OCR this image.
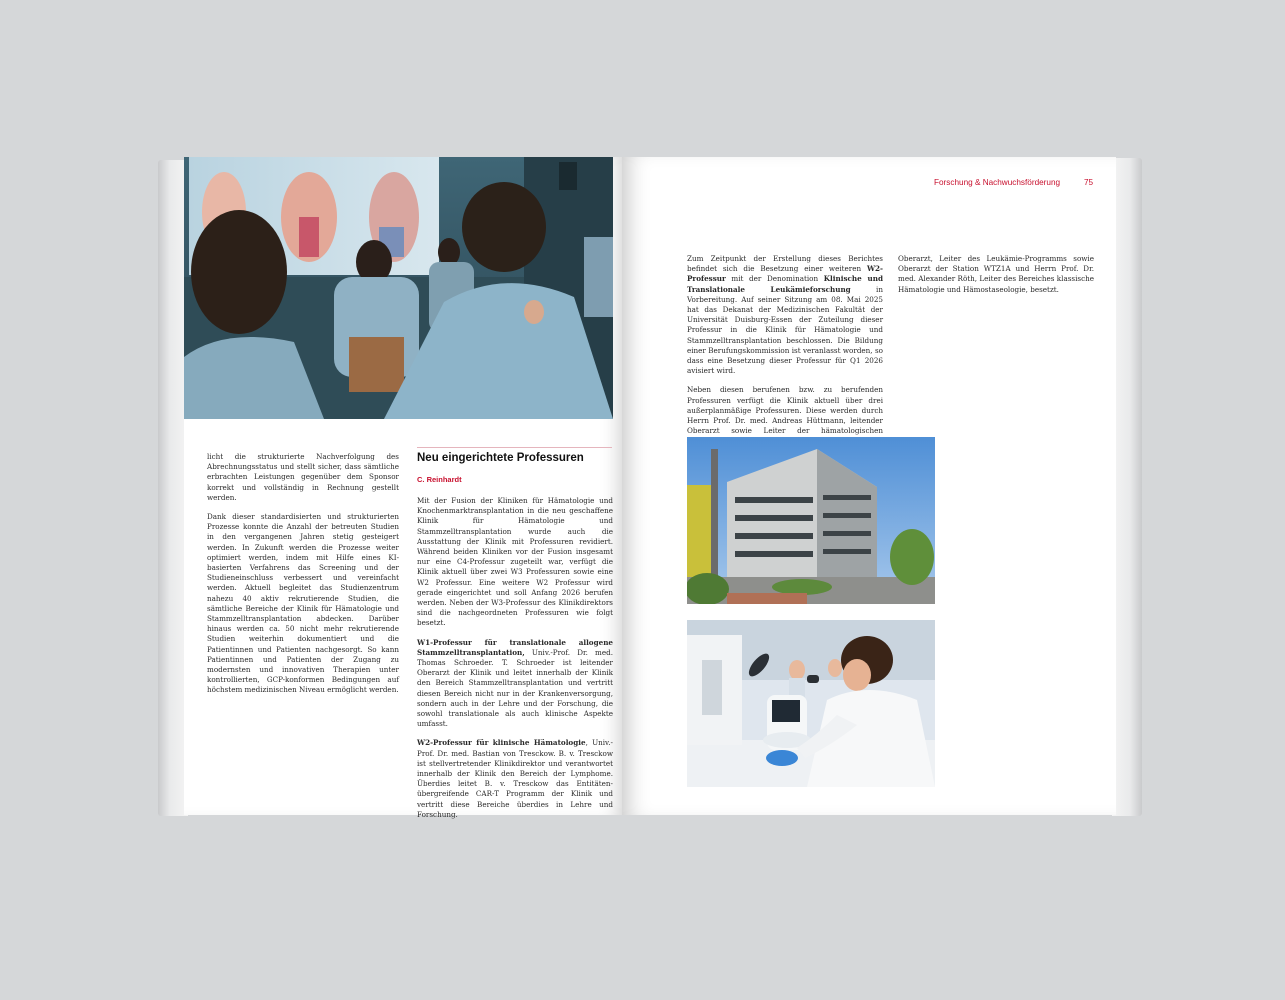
licht die strukturierte Nachverfolgung des Abrechnungsstatus und stellt sicher, dass sämtliche erbrachten Leistungen gegenüber dem Sponsor korrekt und vollständig in Rechnung gestellt werden.

Dank dieser standardisierten und strukturierten Prozesse konnte die Anzahl der betreuten Studien in den vergangenen Jahren stetig gesteigert werden. In Zukunft werden die Prozesse weiter optimiert werden, indem mit Hilfe eines KI-basierten Verfahrens das Screening und der Studieneinschluss verbessert und vereinfacht werden. Aktuell begleitet das Studienzentrum nahezu 40 aktiv rekrutierende Studien, die sämtliche Bereiche der Klinik für Hämatologie und Stammzelltransplantation abdecken. Darüber hinaus werden ca. 50 nicht mehr rekrutierende Studien weiterhin dokumentiert und die Patientinnen und Patienten nachgesorgt. So kann Patientinnen und Patienten der Zugang zu modernsten und innovativen Therapien unter kontrollierten, GCP-konformen Bedingungen auf höchstem medizinischen Niveau ermöglicht werden.

Neu eingerichtete Professuren
C. Reinhardt

Mit der Fusion der Kliniken für Hämatologie und Knochenmarktransplantation in die neu geschaffene Klinik für Hämatologie und Stammzelltransplantation wurde auch die Ausstattung der Klinik mit Professuren revidiert. Während beiden Kliniken vor der Fusion insgesamt nur eine C4-Professur zugeteilt war, verfügt die Klinik aktuell über zwei W3 Professuren sowie eine W2 Professur. Eine weitere W2 Professur wird gerade eingerichtet und soll Anfang 2026 berufen werden. Neben der W3-Professur des Klinikdirektors sind die nachgeordneten Professuren wie folgt besetzt.

W1-Professur für translationale allogene Stammzelltransplantation, Univ.-Prof. Dr. med. Thomas Schroeder. T. Schroeder ist leitender Oberarzt der Klinik und leitet innerhalb der Klinik den Bereich Stammzelltransplantation und vertritt diesen Bereich nicht nur in der Krankenversorgung, sondern auch in der Lehre und der Forschung, die sowohl translationale als auch klinische Aspekte umfasst.

W2-Professur für klinische Hämatologie, Univ.-Prof. Dr. med. Bastian von Tresckow. B. v. Tresckow ist stellvertretender Klinikdirektor und verantwortet innerhalb der Klinik den Bereich der Lymphome. Überdies leitet B. v. Tresckow das Entitäten-übergreifende CAR-T Programm der Klinik und vertritt diese Bereiche überdies in Lehre und Forschung.

Forschung & Nachwuchsförderung	75

Zum Zeitpunkt der Erstellung dieses Berichtes befindet sich die Besetzung einer weiteren W2-Professur mit der Denomination Klinische und Translationale Leukämieforschung in Vorbereitung. Auf seiner Sitzung am 08. Mai 2025 hat das Dekanat der Medizinischen Fakultät der Universität Duisburg-Essen der Zuteilung dieser Professur in die Klinik für Hämatologie und Stammzelltransplantation beschlossen. Die Bildung einer Berufungskommission ist veranlasst worden, so dass eine Besetzung dieser Professur für Q1 2026 avisiert wird.

Neben diesen berufenen bzw. zu berufenden Professuren verfügt die Klinik aktuell über drei außerplanmäßige Professuren. Diese werden durch Herrn Prof. Dr. med. Andreas Hüttmann, leitender Oberarzt sowie Leiter der hämatologischen

Oberarzt, Leiter des Leukämie-Programms sowie Oberarzt der Station WTZ1A und Herrn Prof. Dr. med. Alexander Röth, Leiter des Bereiches klassische Hämatologie und Hämostaseologie, besetzt.
